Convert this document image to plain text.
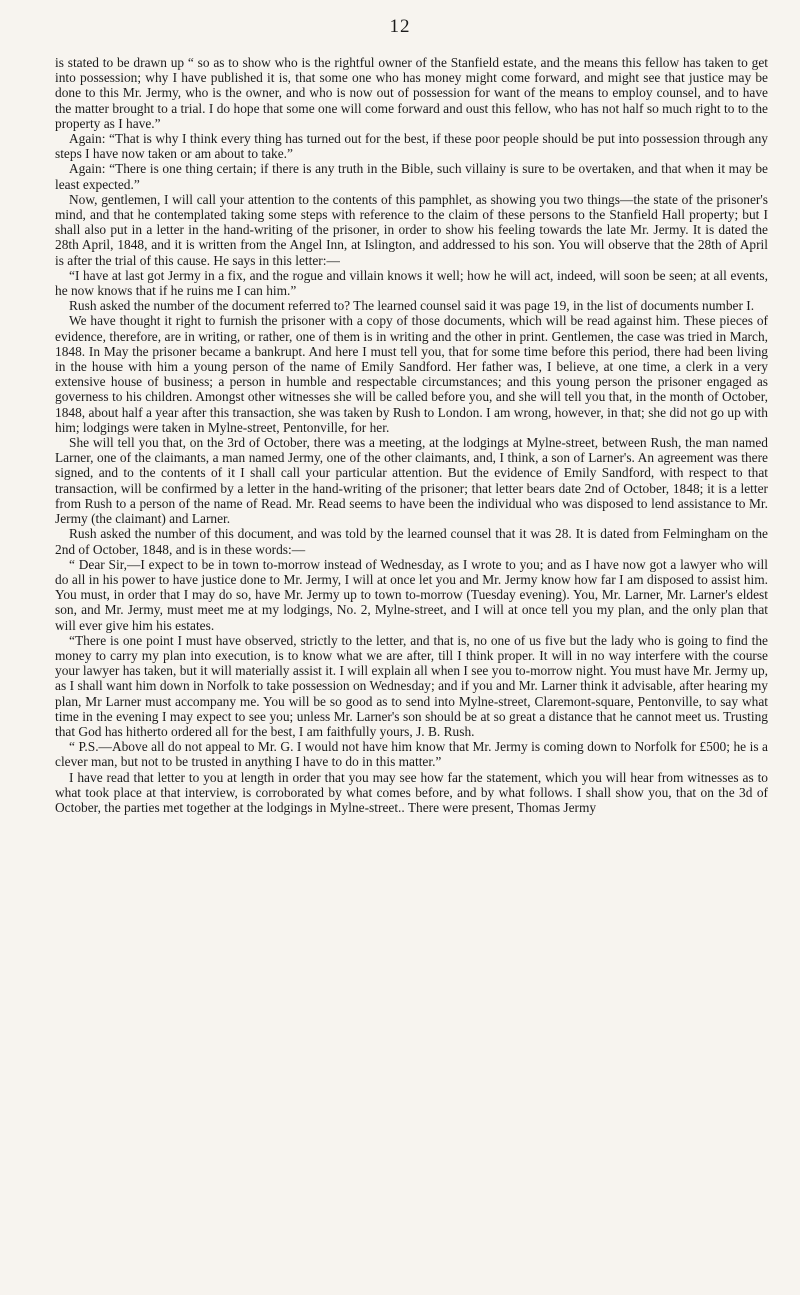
12

is stated to be drawn up “ so as to show who is the rightful owner of the Stanfield estate, and the means this fellow has taken to get into possession; why I have published it is, that some one who has money might come forward, and might see that justice may be done to this Mr. Jermy, who is the owner, and who is now out of possession for want of the means to employ counsel, and to have the matter brought to a trial. I do hope that some one will come forward and oust this fellow, who has not half so much right to to the property as I have.”

Again: “That is why I think every thing has turned out for the best, if these poor people should be put into possession through any steps I have now taken or am about to take.”

Again: “There is one thing certain; if there is any truth in the Bible, such villainy is sure to be overtaken, and that when it may be least expected.”

Now, gentlemen, I will call your attention to the contents of this pamphlet, as showing you two things—the state of the prisoner's mind, and that he contemplated taking some steps with reference to the claim of these persons to the Stanfield Hall property; but I shall also put in a letter in the hand-writing of the prisoner, in order to show his feeling towards the late Mr. Jermy. It is dated the 28th April, 1848, and it is written from the Angel Inn, at Islington, and addressed to his son. You will observe that the 28th of April is after the trial of this cause. He says in this letter:—

“I have at last got Jermy in a fix, and the rogue and villain knows it well; how he will act, indeed, will soon be seen; at all events, he now knows that if he ruins me I can him.”

Rush asked the number of the document referred to? The learned counsel said it was page 19, in the list of documents number I.

We have thought it right to furnish the prisoner with a copy of those documents, which will be read against him. These pieces of evidence, therefore, are in writing, or rather, one of them is in writing and the other in print. Gentlemen, the case was tried in March, 1848. In May the prisoner became a bankrupt. And here I must tell you, that for some time before this period, there had been living in the house with him a young person of the name of Emily Sandford. Her father was, I believe, at one time, a clerk in a very extensive house of business; a person in humble and respectable circumstances; and this young person the prisoner engaged as governess to his children. Amongst other witnesses she will be called before you, and she will tell you that, in the month of October, 1848, about half a year after this transaction, she was taken by Rush to London. I am wrong, however, in that; she did not go up with him; lodgings were taken in Mylne-street, Pentonville, for her.

She will tell you that, on the 3rd of October, there was a meeting, at the lodgings at Mylne-street, between Rush, the man named Larner, one of the claimants, a man named Jermy, one of the other claimants, and, I think, a son of Larner's. An agreement was there signed, and to the contents of it I shall call your particular attention. But the evidence of Emily Sandford, with respect to that transaction, will be confirmed by a letter in the hand-writing of the prisoner; that letter bears date 2nd of October, 1848; it is a letter from Rush to a person of the name of Read. Mr. Read seems to have been the individual who was disposed to lend assistance to Mr. Jermy (the claimant) and Larner.

Rush asked the number of this document, and was told by the learned counsel that it was 28. It is dated from Felmingham on the 2nd of October, 1848, and is in these words:—

“ Dear Sir,—I expect to be in town to-morrow instead of Wednesday, as I wrote to you; and as I have now got a lawyer who will do all in his power to have justice done to Mr. Jermy, I will at once let you and Mr. Jermy know how far I am disposed to assist him. You must, in order that I may do so, have Mr. Jermy up to town to-morrow (Tuesday evening). You, Mr. Larner, Mr. Larner's eldest son, and Mr. Jermy, must meet me at my lodgings, No. 2, Mylne-street, and I will at once tell you my plan, and the only plan that will ever give him his estates.

“There is one point I must have observed, strictly to the letter, and that is, no one of us five but the lady who is going to find the money to carry my plan into execution, is to know what we are after, till I think proper. It will in no way interfere with the course your lawyer has taken, but it will materially assist it. I will explain all when I see you to-morrow night. You must have Mr. Jermy up, as I shall want him down in Norfolk to take possession on Wednesday; and if you and Mr. Larner think it advisable, after hearing my plan, Mr Larner must accompany me. You will be so good as to send into Mylne-street, Claremont-square, Pentonville, to say what time in the evening I may expect to see you; unless Mr. Larner's son should be at so great a distance that he cannot meet us. Trusting that God has hitherto ordered all for the best, I am faithfully yours, J. B. Rush.

“ P.S.—Above all do not appeal to Mr. G. I would not have him know that Mr. Jermy is coming down to Norfolk for £500; he is a clever man, but not to be trusted in anything I have to do in this matter.”

I have read that letter to you at length in order that you may see how far the statement, which you will hear from witnesses as to what took place at that interview, is corroborated by what comes before, and by what follows. I shall show you, that on the 3d of October, the parties met together at the lodgings in Mylne-street.. There were present, Thomas Jermy
